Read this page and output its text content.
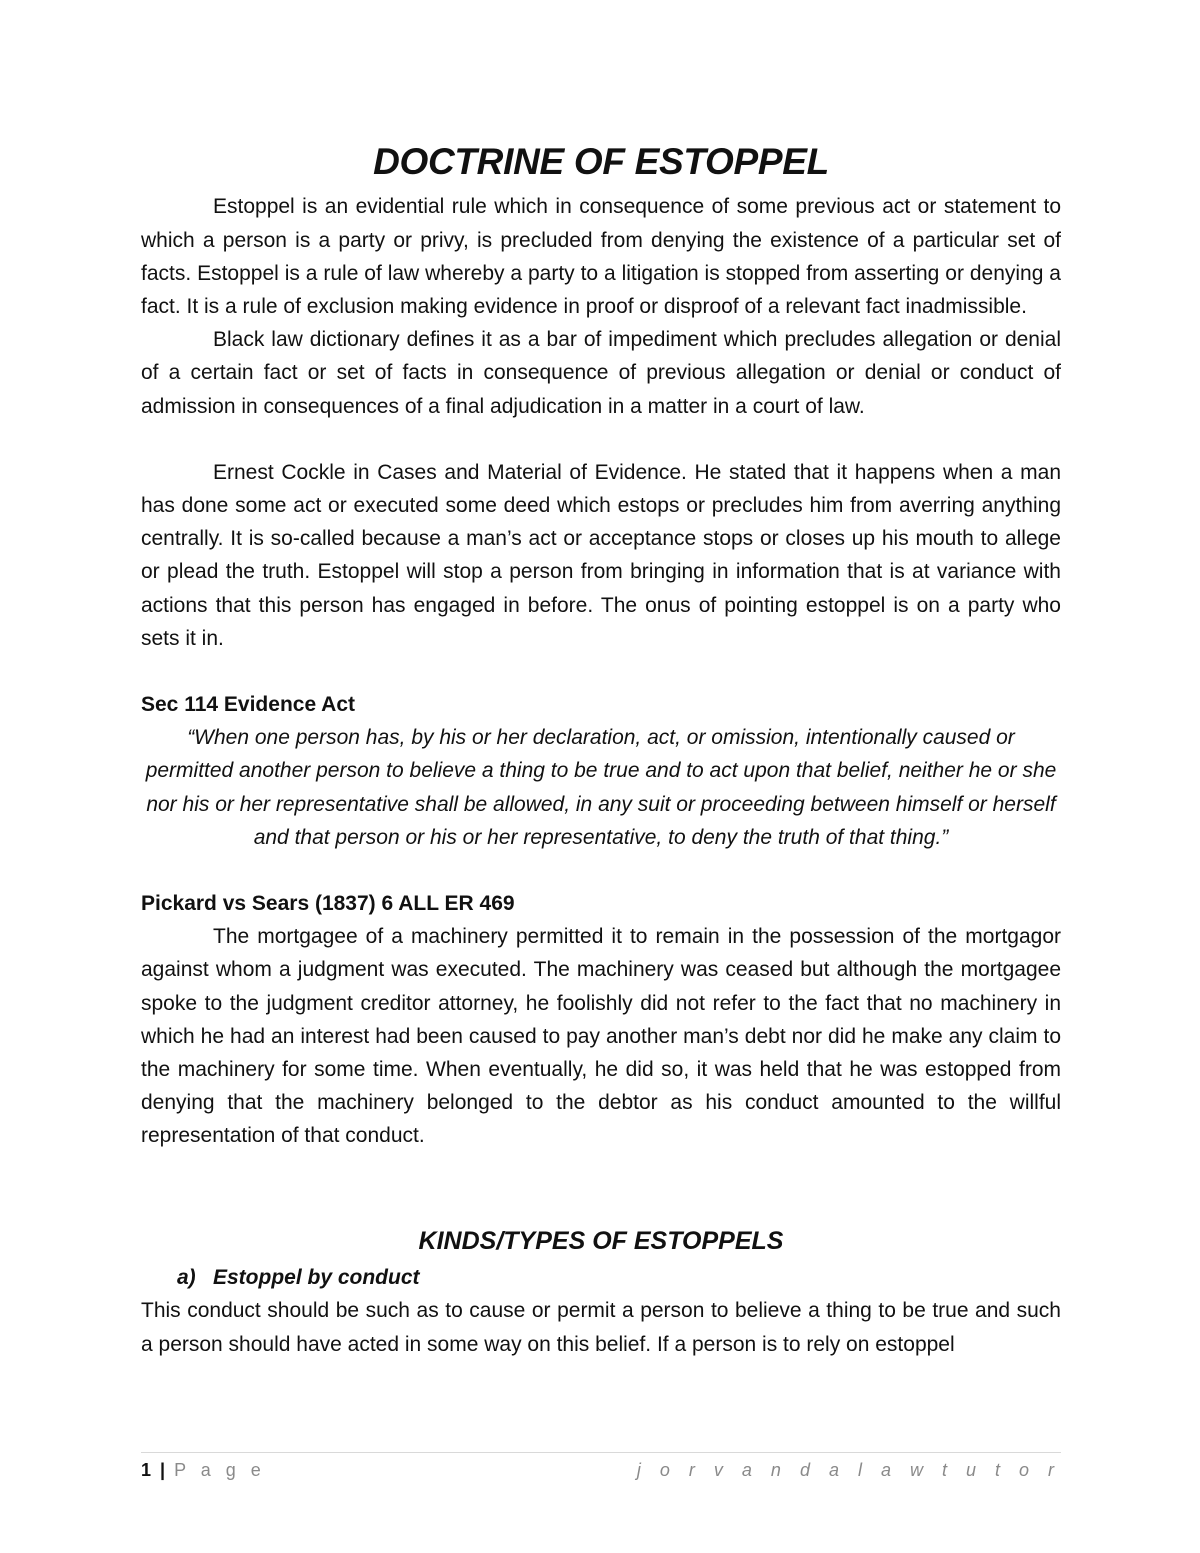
DOCTRINE OF ESTOPPEL

Estoppel is an evidential rule which in consequence of some previous act or statement to which a person is a party or privy, is precluded from denying the existence of a particular set of facts. Estoppel is a rule of law whereby a party to a litigation is stopped from asserting or denying a fact. It is a rule of exclusion making evidence in proof or disproof of a relevant fact inadmissible.

Black law dictionary defines it as a bar of impediment which precludes allegation or denial of a certain fact or set of facts in consequence of previous allegation or denial or conduct of admission in consequences of a final adjudication in a matter in a court of law.

Ernest Cockle in Cases and Material of Evidence. He stated that it happens when a man has done some act or executed some deed which estops or precludes him from averring anything centrally. It is so-called because a man’s act or acceptance stops or closes up his mouth to allege or plead the truth. Estoppel will stop a person from bringing in information that is at variance with actions that this person has engaged in before. The onus of pointing estoppel is on a party who sets it in.

Sec 114 Evidence Act

“When one person has, by his or her declaration, act, or omission, intentionally caused or permitted another person to believe a thing to be true and to act upon that belief, neither he or she nor his or her representative shall be allowed, in any suit or proceeding between himself or herself and that person or his or her representative, to deny the truth of that thing.”

Pickard vs Sears (1837) 6 ALL ER 469

The mortgagee of a machinery permitted it to remain in the possession of the mortgagor against whom a judgment was executed. The machinery was ceased but although the mortgagee spoke to the judgment creditor attorney, he foolishly did not refer to the fact that no machinery in which he had an interest had been caused to pay another man’s debt nor did he make any claim to the machinery for some time. When eventually, he did so, it was held that he was estopped from denying that the machinery belonged to the debtor as his conduct amounted to the willful representation of that conduct.

KINDS/TYPES OF ESTOPPELS

a) Estoppel by conduct

This conduct should be such as to cause or permit a person to believe a thing to be true and such a person should have acted in some way on this belief. If a person is to rely on estoppel

1 | P a g e	j o r v a n d a l a w t u t o r
